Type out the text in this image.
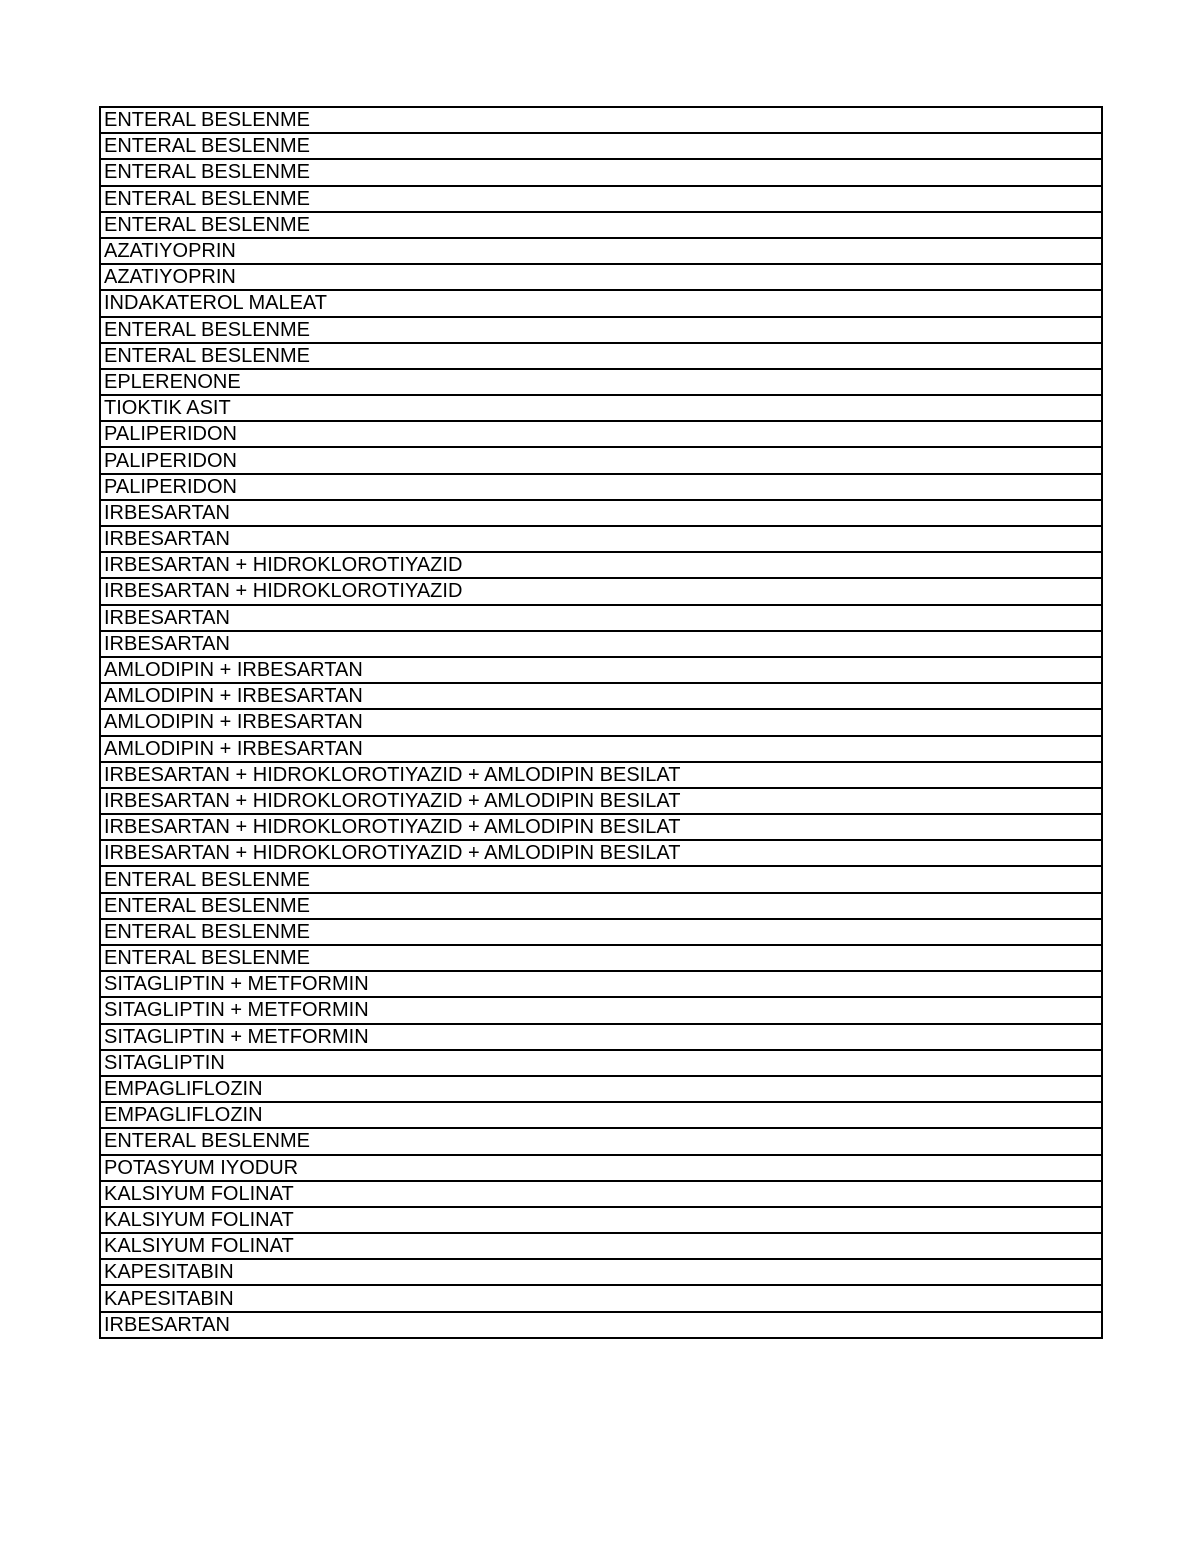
ENTERAL BESLENME
ENTERAL BESLENME
ENTERAL BESLENME
ENTERAL BESLENME
ENTERAL BESLENME
AZATIYOPRIN
AZATIYOPRIN
INDAKATEROL MALEAT
ENTERAL BESLENME
ENTERAL BESLENME
EPLERENONE
TIOKTIK ASIT
PALIPERIDON
PALIPERIDON
PALIPERIDON
IRBESARTAN
IRBESARTAN
IRBESARTAN + HIDROKLOROTIYAZID
IRBESARTAN + HIDROKLOROTIYAZID
IRBESARTAN
IRBESARTAN
AMLODIPIN + IRBESARTAN
AMLODIPIN + IRBESARTAN
AMLODIPIN + IRBESARTAN
AMLODIPIN + IRBESARTAN
IRBESARTAN + HIDROKLOROTIYAZID + AMLODIPIN BESILAT
IRBESARTAN + HIDROKLOROTIYAZID + AMLODIPIN BESILAT
IRBESARTAN + HIDROKLOROTIYAZID + AMLODIPIN BESILAT
IRBESARTAN + HIDROKLOROTIYAZID + AMLODIPIN BESILAT
ENTERAL BESLENME
ENTERAL BESLENME
ENTERAL BESLENME
ENTERAL BESLENME
SITAGLIPTIN + METFORMIN
SITAGLIPTIN + METFORMIN
SITAGLIPTIN + METFORMIN
SITAGLIPTIN
EMPAGLIFLOZIN
EMPAGLIFLOZIN
ENTERAL BESLENME
POTASYUM IYODUR
KALSIYUM FOLINAT
KALSIYUM FOLINAT
KALSIYUM FOLINAT
KAPESITABIN
KAPESITABIN
IRBESARTAN
